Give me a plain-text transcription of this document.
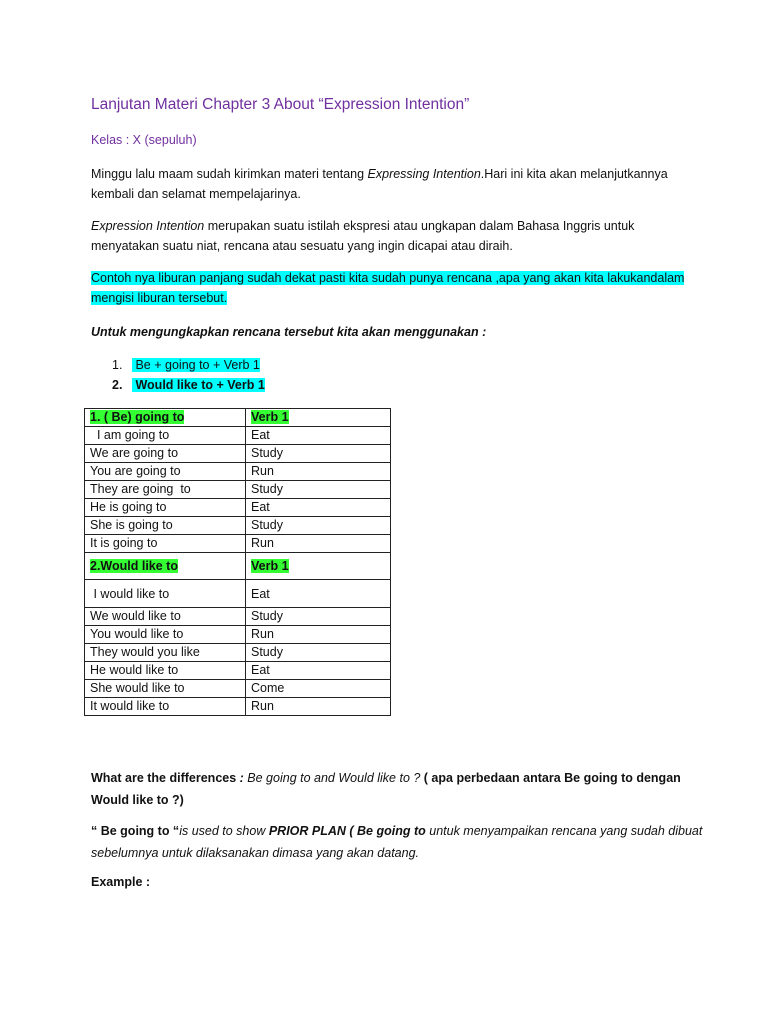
Lanjutan Materi Chapter 3 About “Expression Intention”
Kelas : X (sepuluh)
Minggu lalu maam sudah kirimkan materi tentang Expressing Intention.Hari ini kita akan melanjutkannya kembali dan selamat mempelajarinya.
Expression Intention merupakan suatu istilah ekspresi atau ungkapan dalam Bahasa Inggris untuk menyatakan suatu niat, rencana atau sesuatu yang ingin dicapai atau diraih.
Contoh nya liburan panjang sudah dekat pasti kita sudah punya rencana ,apa yang akan kita lakukandalam mengisi liburan tersebut.
Untuk mengungkapkan rencana tersebut kita akan menggunakan :
1. Be + going to + Verb 1
2. Would like to + Verb 1
1. ( Be) going to	Verb 1
I am going to	Eat
We are going to	Study
You are going to	Run
They are going  to	Study
He is going to	Eat
She is going to	Study
It is going to	Run
2.Would like to	Verb 1
I would like to	Eat
We would like to	Study
You would like to	Run
They would you like	Study
He would like to	Eat
She would like to	Come
It would like to	Run
What are the differences : Be going to and Would like to ? ( apa perbedaan antara Be going to dengan Would like to ?)
“ Be going to “is used to show PRIOR PLAN ( Be going to untuk menyampaikan rencana yang sudah dibuat sebelumnya untuk dilaksanakan dimasa yang akan datang.
Example :
